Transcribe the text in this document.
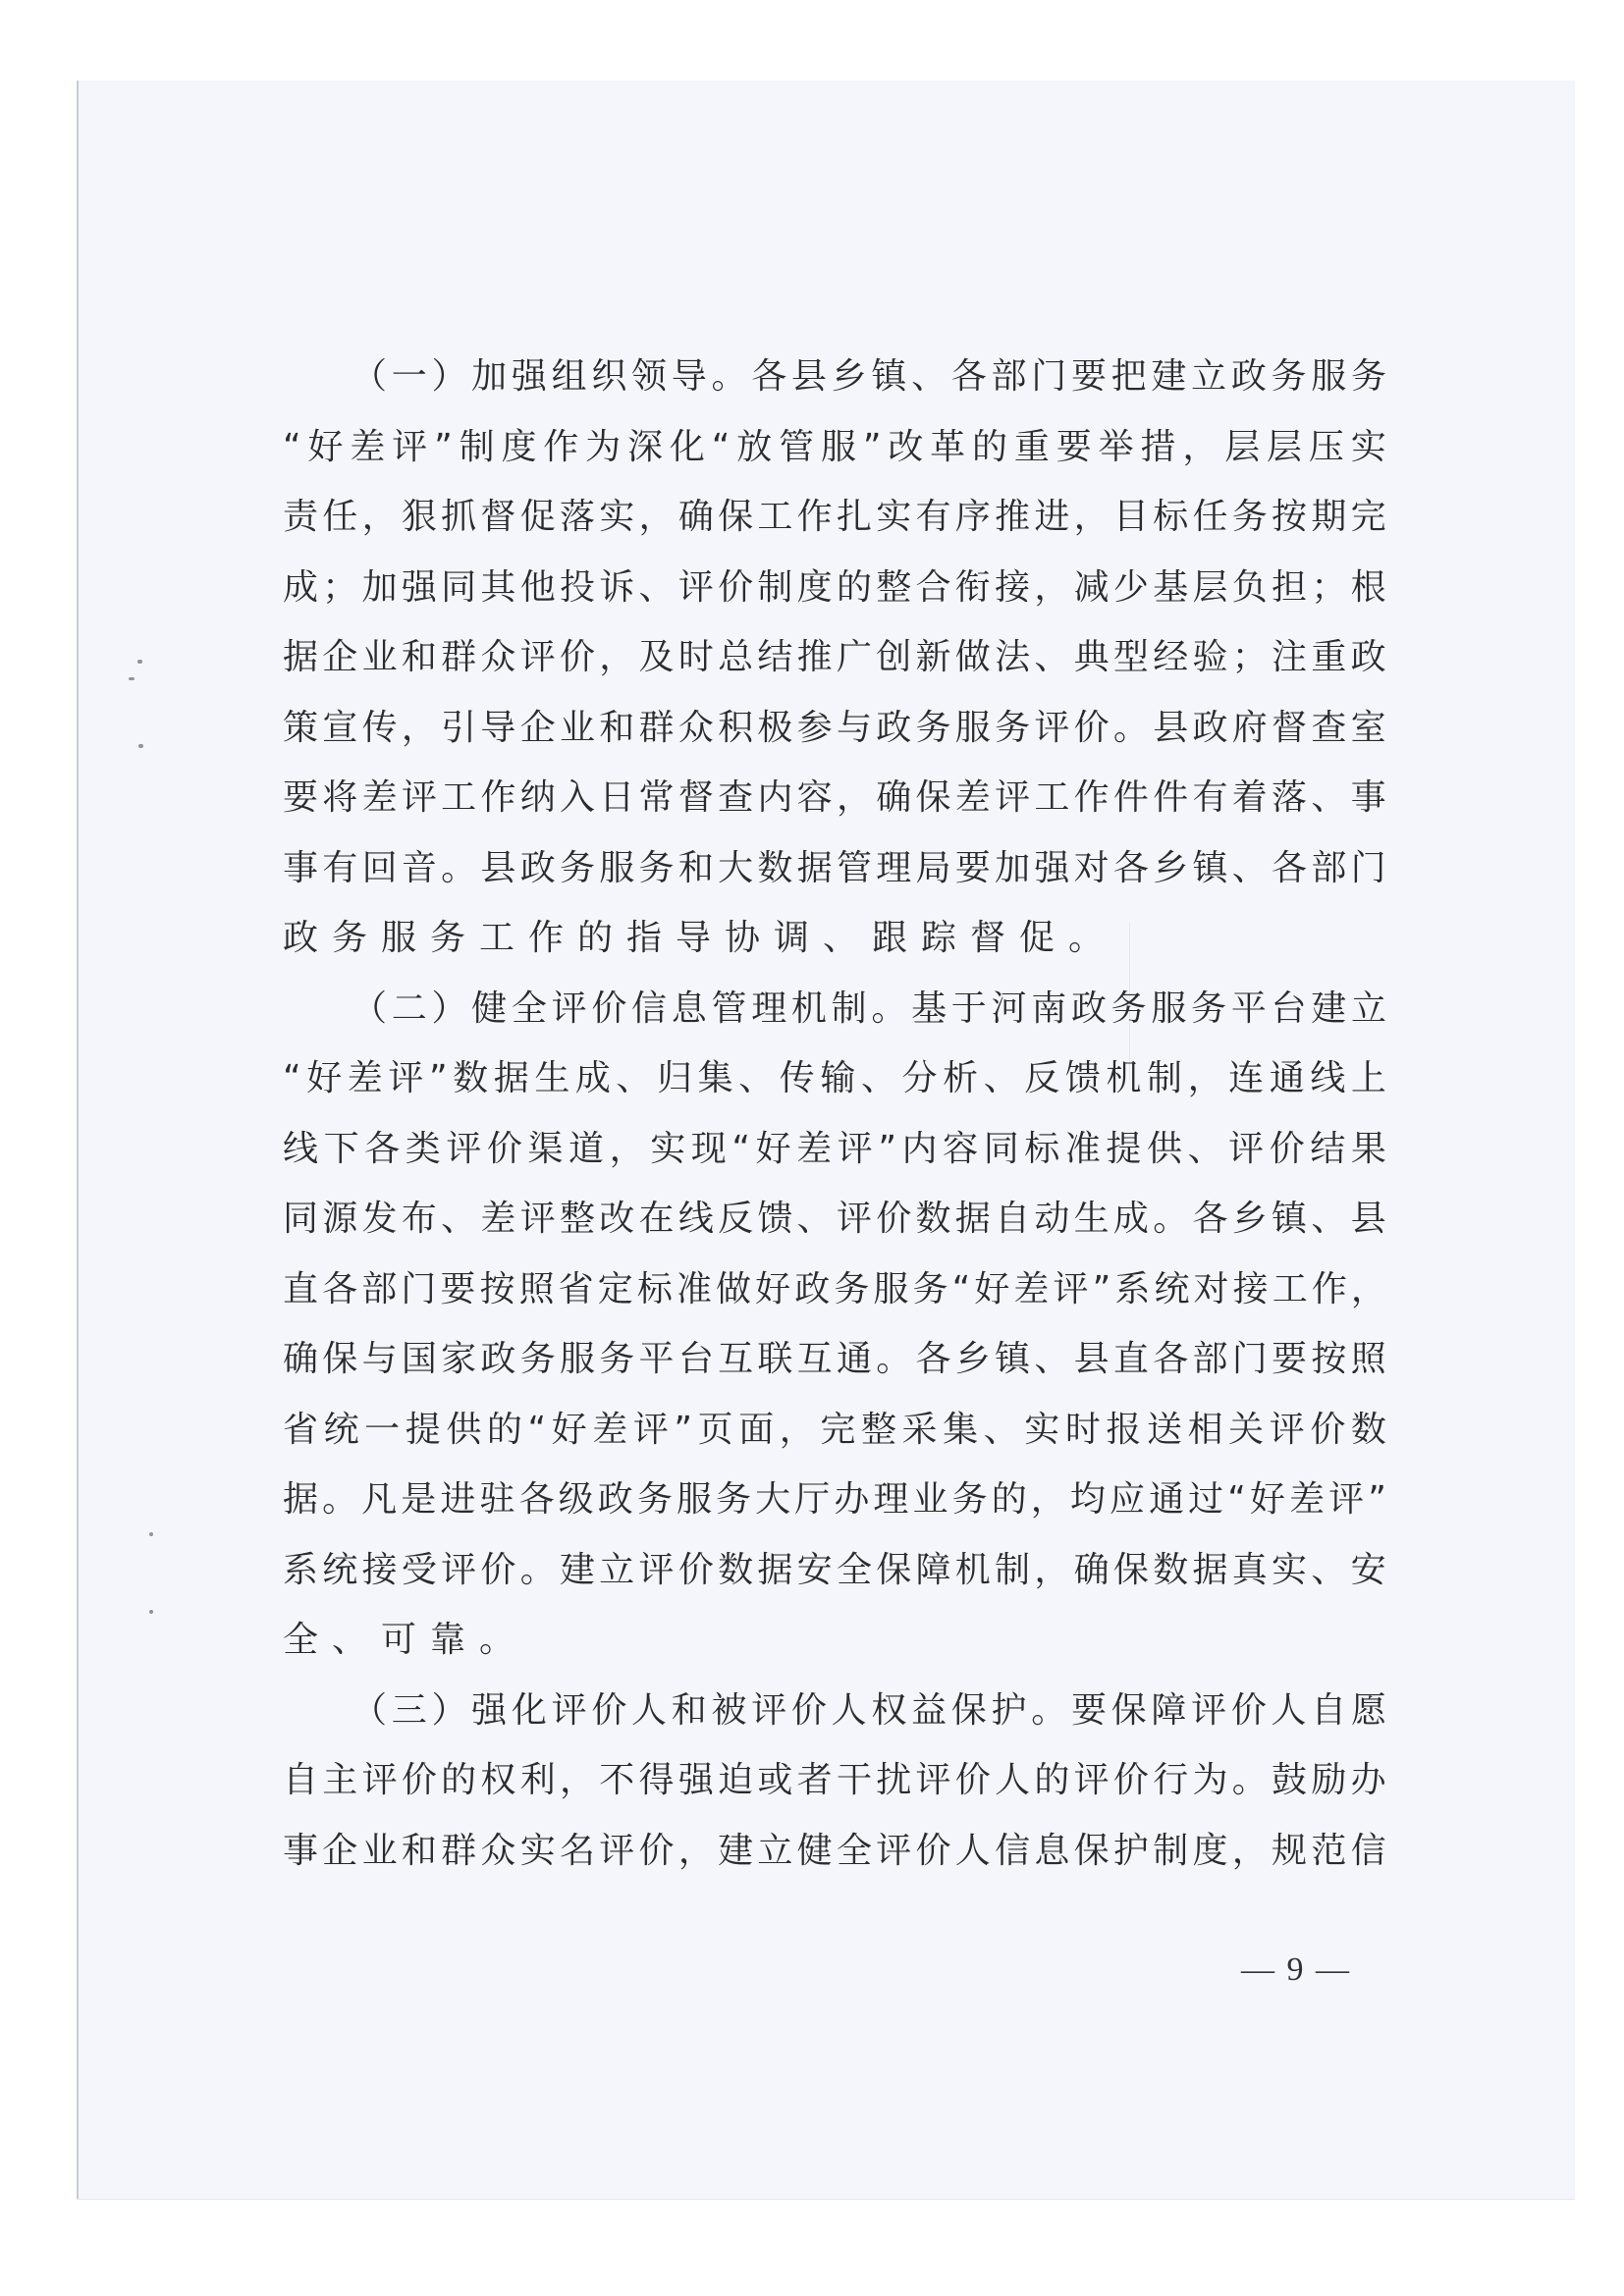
（ 一 ） 加 强 组 织 领 导 。 各 县 乡 镇 、 各 部 门 要 把 建 立 政 务 服 务
“ 好 差 评 ” 制 度 作 为 深 化 “ 放 管 服 ” 改 革 的 重 要 举 措 ， 层 层 压 实
责 任 ， 狠 抓 督 促 落 实 ， 确 保 工 作 扎 实 有 序 推 进 ， 目 标 任 务 按 期 完
成 ； 加 强 同 其 他 投 诉 、 评 价 制 度 的 整 合 衔 接 ， 减 少 基 层 负 担 ； 根
据 企 业 和 群 众 评 价 ， 及 时 总 结 推 广 创 新 做 法 、 典 型 经 验 ； 注 重 政
策 宣 传 ， 引 导 企 业 和 群 众 积 极 参 与 政 务 服 务 评 价 。 县 政 府 督 查 室
要 将 差 评 工 作 纳 入 日 常 督 查 内 容 ， 确 保 差 评 工 作 件 件 有 着 落 、 事
事 有 回 音 。 县 政 务 服 务 和 大 数 据 管 理 局 要 加 强 对 各 乡 镇 、 各 部 门
政务服务工作的指导协调、跟踪督促。
（ 二 ） 健 全 评 价 信 息 管 理 机 制 。 基 于 河 南 政 务 服 务 平 台 建 立
“ 好 差 评 ” 数 据 生 成 、 归 集 、 传 输 、 分 析 、 反 馈 机 制 ， 连 通 线 上
线 下 各 类 评 价 渠 道 ， 实 现 “ 好 差 评 ” 内 容 同 标 准 提 供 、 评 价 结 果
同 源 发 布 、 差 评 整 改 在 线 反 馈 、 评 价 数 据 自 动 生 成 。 各 乡 镇 、 县
直 各 部 门 要 按 照 省 定 标 准 做 好 政 务 服 务 “ 好 差 评 ” 系 统 对 接 工 作 ，
确 保 与 国 家 政 务 服 务 平 台 互 联 互 通 。 各 乡 镇 、 县 直 各 部 门 要 按 照
省 统 一 提 供 的 “ 好 差 评 ” 页 面 ， 完 整 采 集 、 实 时 报 送 相 关 评 价 数
据 。 凡 是 进 驻 各 级 政 务 服 务 大 厅 办 理 业 务 的 ， 均 应 通 过 “ 好 差 评 ”
系 统 接 受 评 价 。 建 立 评 价 数 据 安 全 保 障 机 制 ， 确 保 数 据 真 实 、 安
全、可靠。
（ 三 ） 强 化 评 价 人 和 被 评 价 人 权 益 保 护 。 要 保 障 评 价 人 自 愿
自 主 评 价 的 权 利 ， 不 得 强 迫 或 者 干 扰 评 价 人 的 评 价 行 为 。 鼓 励 办
事 企 业 和 群 众 实 名 评 价 ， 建 立 健 全 评 价 人 信 息 保 护 制 度 ， 规 范 信
— 9 —
